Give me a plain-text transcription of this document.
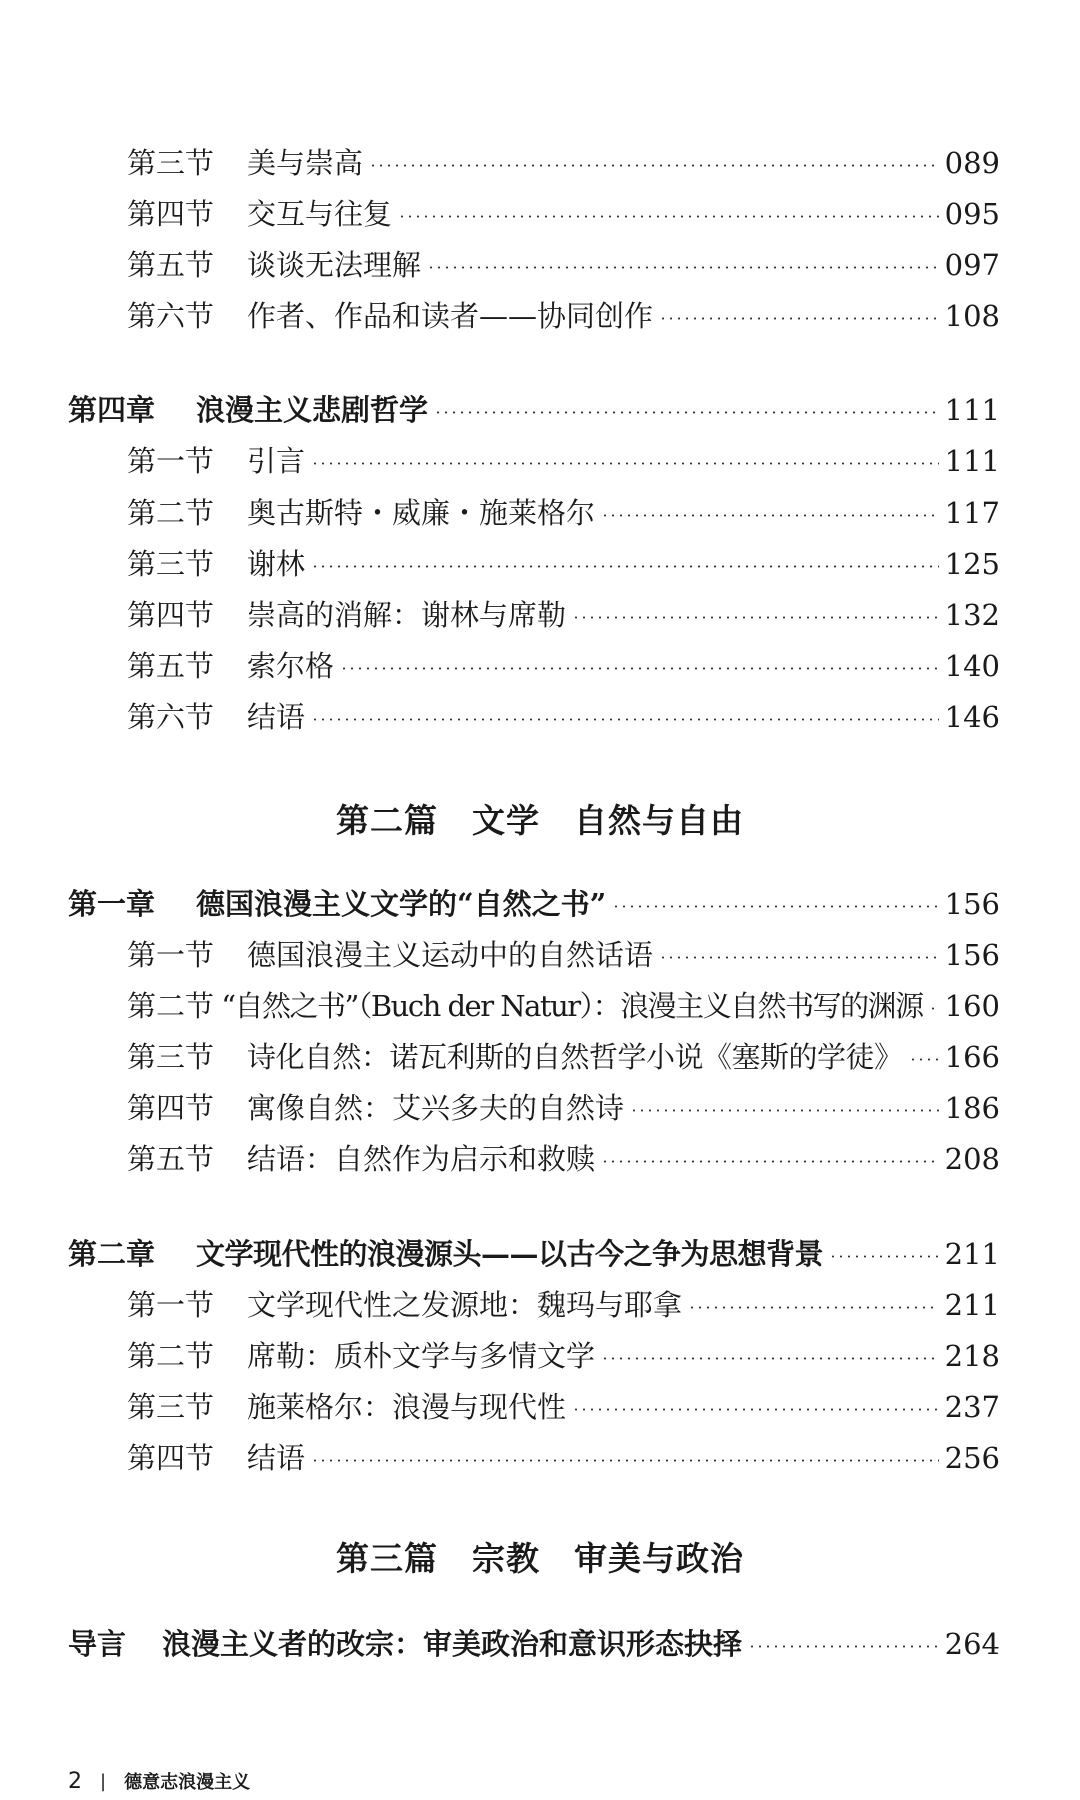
第三节	美与崇高	089
第四节	交互与往复	095
第五节	谈谈无法理解	097
第六节	作者、作品和读者——协同创作	108
第四章	浪漫主义悲剧哲学	111
第一节	引言	111
第二节	奥古斯特・威廉・施莱格尔	117
第三节	谢林	125
第四节	崇高的消解：谢林与席勒	132
第五节	索尔格	140
第六节	结语	146
第二篇　文学　自然与自由
第一章	德国浪漫主义文学的“自然之书”	156
第一节	德国浪漫主义运动中的自然话语	156
第二节 “自然之书”（Buch der Natur）：浪漫主义自然书写的渊源 160
第三节	诗化自然：诺瓦利斯的自然哲学小说《塞斯的学徒》 166
第四节	寓像自然：艾兴多夫的自然诗	186
第五节	结语：自然作为启示和救赎	208
第二章	文学现代性的浪漫源头——以古今之争为思想背景	211
第一节	文学现代性之发源地：魏玛与耶拿	211
第二节	席勒：质朴文学与多情文学	218
第三节	施莱格尔：浪漫与现代性	237
第四节	结语	256
第三篇　宗教　审美与政治
导言	浪漫主义者的改宗：审美政治和意识形态抉择	264
2 | 德意志浪漫主义
